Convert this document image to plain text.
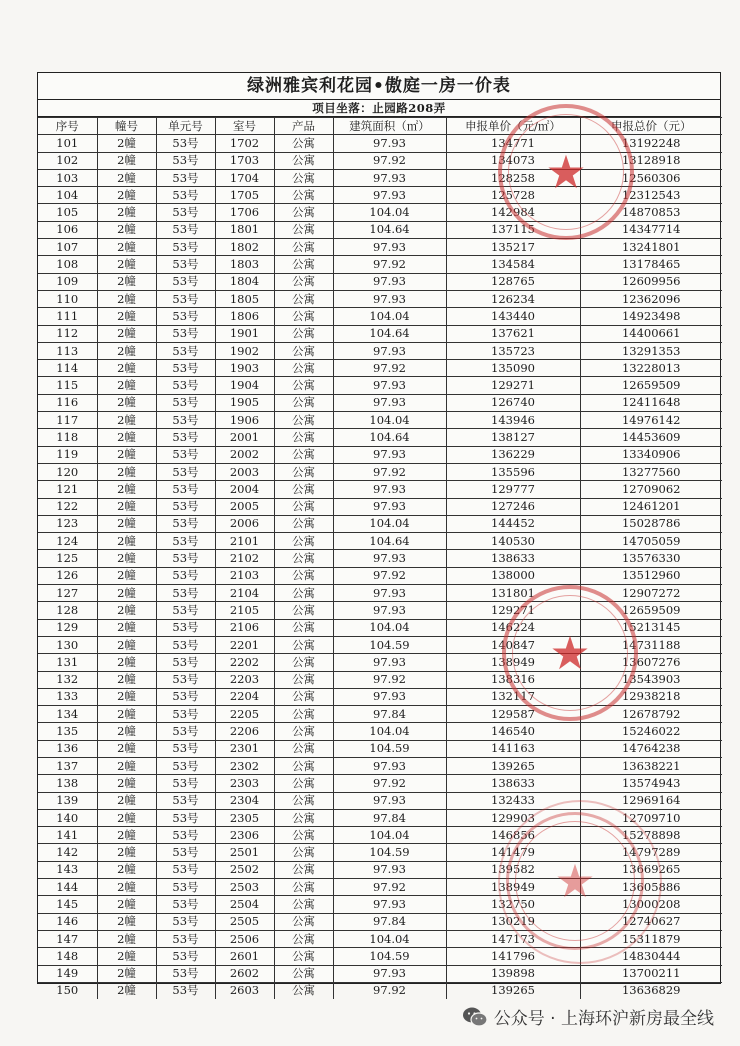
绿洲雅宾利花园•傲庭一房一价表
项目坐落：止园路208弄
序号	幢号	单元号	室号	产品	建筑面积（㎡）	申报单价（元/㎡）	申报总价（元）
101	2幢	53号	1702	公寓	97.93	134771	13192248
102	2幢	53号	1703	公寓	97.92	134073	13128918
103	2幢	53号	1704	公寓	97.93	128258	12560306
104	2幢	53号	1705	公寓	97.93	125728	12312543
105	2幢	53号	1706	公寓	104.04	142984	14870853
106	2幢	53号	1801	公寓	104.64	137115	14347714
107	2幢	53号	1802	公寓	97.93	135217	13241801
108	2幢	53号	1803	公寓	97.92	134584	13178465
109	2幢	53号	1804	公寓	97.93	128765	12609956
110	2幢	53号	1805	公寓	97.93	126234	12362096
111	2幢	53号	1806	公寓	104.04	143440	14923498
112	2幢	53号	1901	公寓	104.64	137621	14400661
113	2幢	53号	1902	公寓	97.93	135723	13291353
114	2幢	53号	1903	公寓	97.92	135090	13228013
115	2幢	53号	1904	公寓	97.93	129271	12659509
116	2幢	53号	1905	公寓	97.93	126740	12411648
117	2幢	53号	1906	公寓	104.04	143946	14976142
118	2幢	53号	2001	公寓	104.64	138127	14453609
119	2幢	53号	2002	公寓	97.93	136229	13340906
120	2幢	53号	2003	公寓	97.92	135596	13277560
121	2幢	53号	2004	公寓	97.93	129777	12709062
122	2幢	53号	2005	公寓	97.93	127246	12461201
123	2幢	53号	2006	公寓	104.04	144452	15028786
124	2幢	53号	2101	公寓	104.64	140530	14705059
125	2幢	53号	2102	公寓	97.93	138633	13576330
126	2幢	53号	2103	公寓	97.92	138000	13512960
127	2幢	53号	2104	公寓	97.93	131801	12907272
128	2幢	53号	2105	公寓	97.93	129271	12659509
129	2幢	53号	2106	公寓	104.04	146224	15213145
130	2幢	53号	2201	公寓	104.59	140847	14731188
131	2幢	53号	2202	公寓	97.93	138949	13607276
132	2幢	53号	2203	公寓	97.92	138316	13543903
133	2幢	53号	2204	公寓	97.93	132117	12938218
134	2幢	53号	2205	公寓	97.84	129587	12678792
135	2幢	53号	2206	公寓	104.04	146540	15246022
136	2幢	53号	2301	公寓	104.59	141163	14764238
137	2幢	53号	2302	公寓	97.93	139265	13638221
138	2幢	53号	2303	公寓	97.92	138633	13574943
139	2幢	53号	2304	公寓	97.93	132433	12969164
140	2幢	53号	2305	公寓	97.84	129903	12709710
141	2幢	53号	2306	公寓	104.04	146856	15278898
142	2幢	53号	2501	公寓	104.59	141479	14797289
143	2幢	53号	2502	公寓	97.93	139582	13669265
144	2幢	53号	2503	公寓	97.92	138949	13605886
145	2幢	53号	2504	公寓	97.93	132750	13000208
146	2幢	53号	2505	公寓	97.84	130219	12740627
147	2幢	53号	2506	公寓	104.04	147173	15311879
148	2幢	53号	2601	公寓	104.59	141796	14830444
149	2幢	53号	2602	公寓	97.93	139898	13700211
150	2幢	53号	2603	公寓	97.92	139265	13636829
★
★
★
公众号 · 上海环沪新房最全线
